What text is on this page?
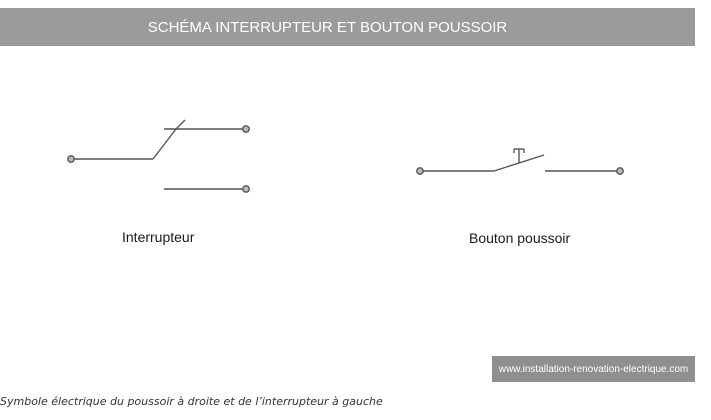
SCHÉMA INTERRUPTEUR ET BOUTON POUSSOIR
Interrupteur	Bouton poussoir
www.installation-renovation-electrique.com
Symbole électrique du poussoir à droite et de l’interrupteur à gauche
